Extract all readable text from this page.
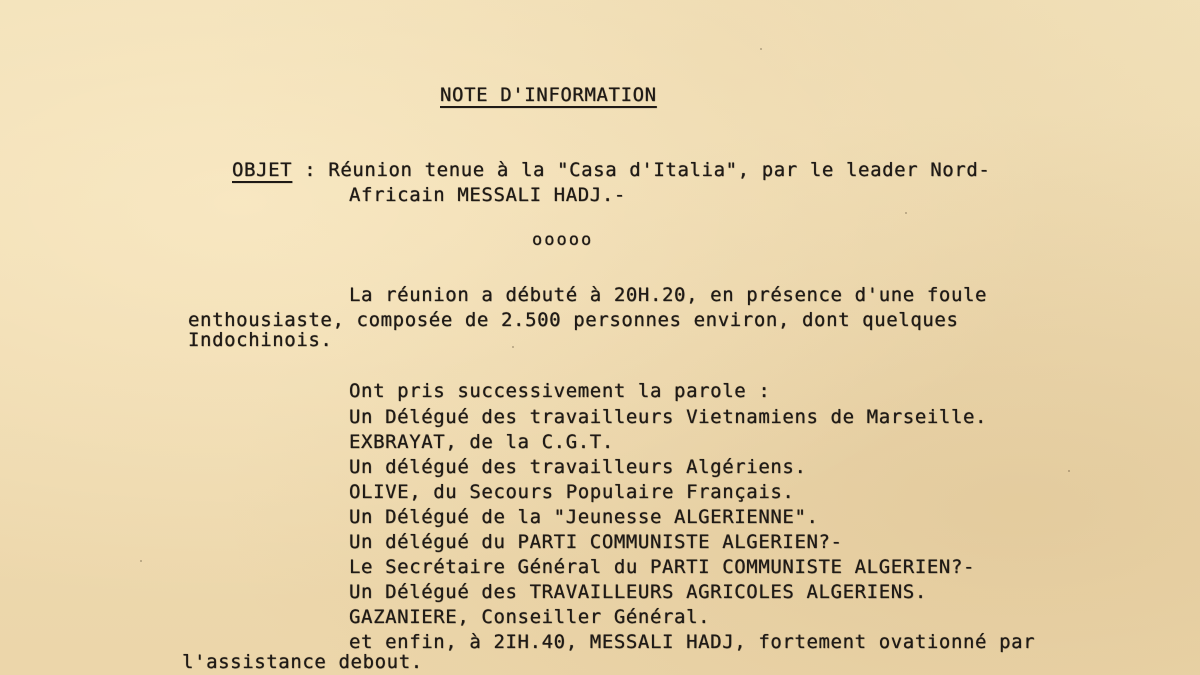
NOTE D'INFORMATION
OBJET : Réunion tenue à la "Casa d'Italia", par le leader Nord-
Africain MESSALI HADJ.-
ooooo
La réunion a débuté à 20H.20, en présence d'une foule
enthousiaste, composée de 2.500 personnes environ, dont quelques
Indochinois.
Ont pris successivement la parole :
Un Délégué des travailleurs Vietnamiens de Marseille.
EXBRAYAT, de la C.G.T.
Un délégué des travailleurs Algériens.
OLIVE, du Secours Populaire Français.
Un Délégué de la "Jeunesse ALGERIENNE".
Un délégué du PARTI COMMUNISTE ALGERIEN?-
Le Secrétaire Général du PARTI COMMUNISTE ALGERIEN?-
Un Délégué des TRAVAILLEURS AGRICOLES ALGERIENS.
GAZANIERE, Conseiller Général.
et enfin, à 2IH.40, MESSALI HADJ, fortement ovationné par
l'assistance debout.
